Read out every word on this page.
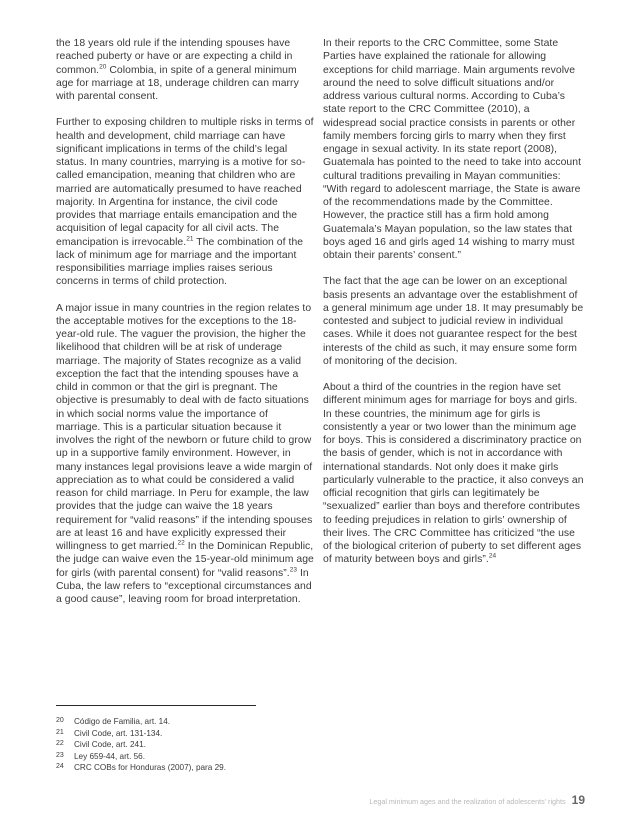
the 18 years old rule if the intending spouses have reached puberty or have or are expecting a child in common.$^{20}$ Colombia, in spite of a general minimum age for marriage at 18, underage children can marry with parental consent.

Further to exposing children to multiple risks in terms of health and development, child marriage can have significant implications in terms of the child’s legal status. In many countries, marrying is a motive for so-called emancipation, meaning that children who are married are automatically presumed to have reached majority. In Argentina for instance, the civil code provides that marriage entails emancipation and the acquisition of legal capacity for all civil acts. The emancipation is irrevocable.$^{21}$ The combination of the lack of minimum age for marriage and the important responsibilities marriage implies raises serious concerns in terms of child protection.

A major issue in many countries in the region relates to the acceptable motives for the exceptions to the 18-year-old rule. The vaguer the provision, the higher the likelihood that children will be at risk of underage marriage. The majority of States recognize as a valid exception the fact that the intending spouses have a child in common or that the girl is pregnant. The objective is presumably to deal with de facto situations in which social norms value the importance of marriage. This is a particular situation because it involves the right of the newborn or future child to grow up in a supportive family environment. However, in many instances legal provisions leave a wide margin of appreciation as to what could be considered a valid reason for child marriage. In Peru for example, the law provides that the judge can waive the 18 years requirement for “valid reasons” if the intending spouses are at least 16 and have explicitly expressed their willingness to get married.$^{22}$ In the Dominican Republic, the judge can waive even the 15-year-old minimum age for girls (with parental consent) for “valid reasons”.$^{23}$ In Cuba, the law refers to “exceptional circumstances and a good cause”, leaving room for broad interpretation.

In their reports to the CRC Committee, some State Parties have explained the rationale for allowing exceptions for child marriage. Main arguments revolve around the need to solve difficult situations and/or address various cultural norms. According to Cuba’s state report to the CRC Committee (2010), a widespread social practice consists in parents or other family members forcing girls to marry when they first engage in sexual activity. In its state report (2008), Guatemala has pointed to the need to take into account cultural traditions prevailing in Mayan communities: “With regard to adolescent marriage, the State is aware of the recommendations made by the Committee. However, the practice still has a firm hold among Guatemala’s Mayan population, so the law states that boys aged 16 and girls aged 14 wishing to marry must obtain their parents’ consent.”

The fact that the age can be lower on an exceptional basis presents an advantage over the establishment of a general minimum age under 18. It may presumably be contested and subject to judicial review in individual cases. While it does not guarantee respect for the best interests of the child as such, it may ensure some form of monitoring of the decision.

About a third of the countries in the region have set different minimum ages for marriage for boys and girls. In these countries, the minimum age for girls is consistently a year or two lower than the minimum age for boys. This is considered a discriminatory practice on the basis of gender, which is not in accordance with international standards. Not only does it make girls particularly vulnerable to the practice, it also conveys an official recognition that girls can legitimately be “sexualized” earlier than boys and therefore contributes to feeding prejudices in relation to girls’ ownership of their lives. The CRC Committee has criticized “the use of the biological criterion of puberty to set different ages of maturity between boys and girls”.$^{24}$

20	Código de Familia, art. 14.
21	Civil Code, art. 131-134.
22	Civil Code, art. 241.
23	Ley 659-44, art. 56.
24	CRC COBs for Honduras (2007), para 29.
Legal minimum ages and the realization of adolescents’ rights 19
